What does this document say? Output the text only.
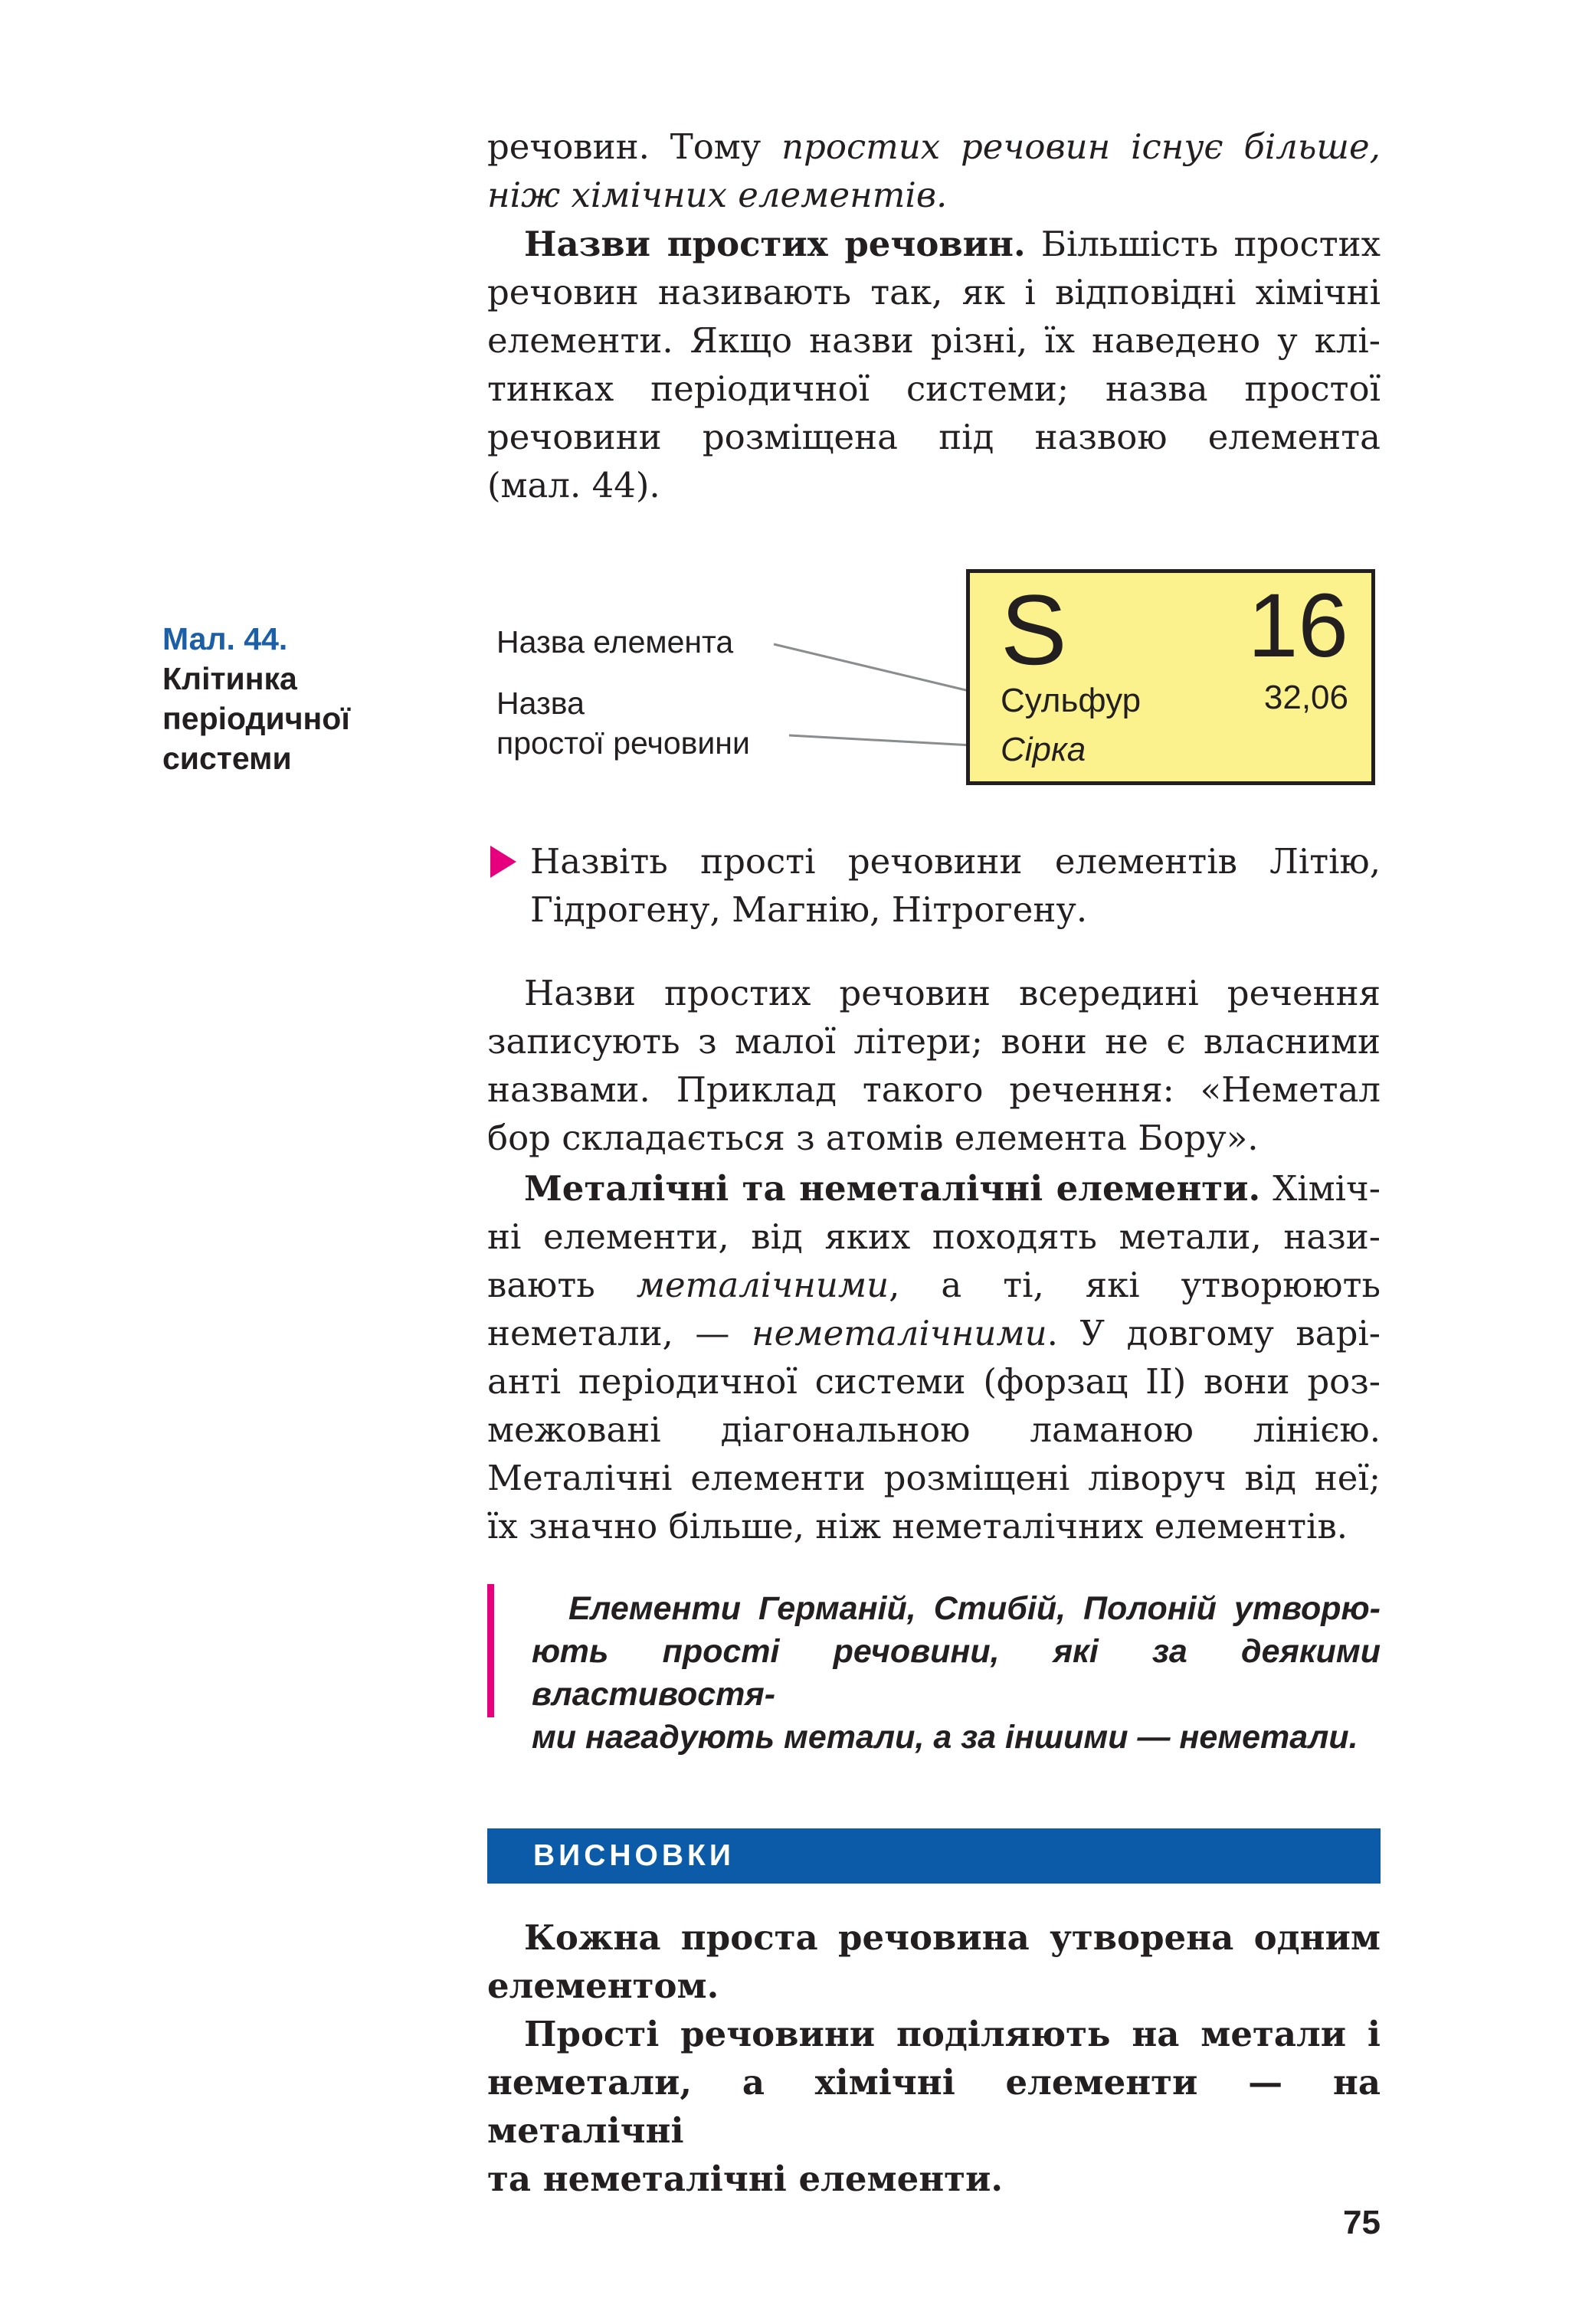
речовин. Тому простих речовин існує більше,

ніж хімічних елементів.

Назви простих речовин. Більшість простих

речовин називають так, як і відповідні хімічні

елементи. Якщо назви різні, їх наведено у клі-

тинках періодичної системи; назва простої

речовини розміщена під назвою елемента

(мал. 44).

Мал. 44.
Клітинка
періодичної
системи
Назва елемента
Назва
простої речовини
S 16
32,06
Сульфур
Сірка

Назвіть прості речовини елементів Літію,

Гідрогену, Магнію, Нітрогену.

Назви простих речовин всередині речення

записують з малої літери; вони не є власними

назвами. Приклад такого речення: «Неметал

бор складається з атомів елемента Бору».

Металічні та неметалічні елементи. Хіміч-

ні елементи, від яких походять метали, нази-

вають металічними, а ті, які утворюють

неметали, — неметалічними. У довгому варі-

анті періодичної системи (форзац II) вони роз-

межовані діагональною ламаною лінією.

Металічні елементи розміщені ліворуч від неї;

їх значно більше, ніж неметалічних елементів.

Елементи Германій, Стибій, Полоній утворю-

ють прості речовини, які за деякими властивостя-

ми нагадують метали, а за іншими — неметали.

ВИСНОВКИ

Кожна проста речовина утворена одним

елементом.

Прості речовини поділяють на метали і

неметали, а хімічні елементи — на металічні

та неметалічні елементи.

75
